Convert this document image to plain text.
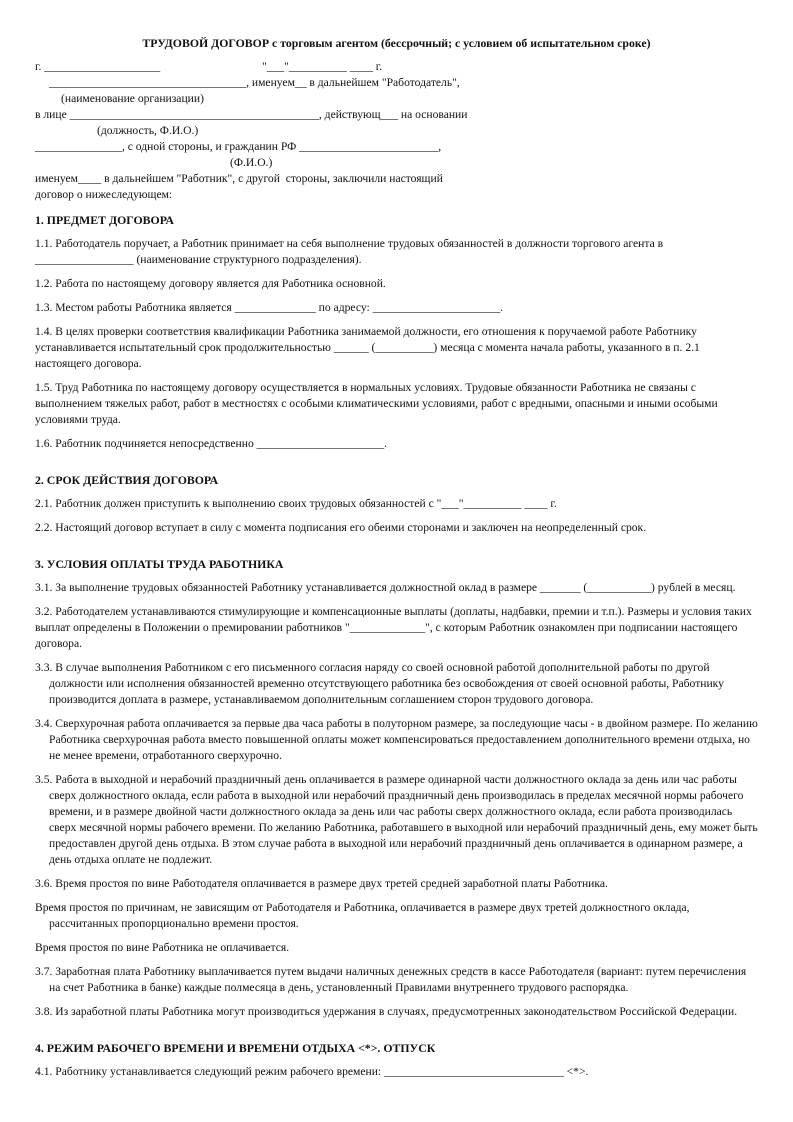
ТРУДОВОЙ ДОГОВОР с торговым агентом (бессрочный; с условием об испытательном сроке)

г. ____________________

	"___"__________ ____ г.

__________________________________, именуем__ в дальнейшем "Работодатель",

(наименование организации)

в лице ___________________________________________, действующ___ на основании

(должность, Ф.И.О.)

_______________, с одной стороны, и гражданин РФ ________________________,

(Ф.И.О.)

именуем____ в дальнейшем "Работник", с другой  стороны, заключили настоящий

договор о нижеследующем:

1. ПРЕДМЕТ ДОГОВОРА
1.1. Работодатель поручает, а Работник принимает на себя выполнение трудовых обязанностей в должности торгового агента в _________________ (наименование структурного подразделения).
1.2. Работа по настоящему договору является для Работника основной.
1.3. Местом работы Работника является ______________ по адресу: ______________________.
1.4. В целях проверки соответствия квалификации Работника занимаемой должности, его отношения к поручаемой работе Работнику устанавливается испытательный срок продолжительностью ______ (__________) месяца с момента начала работы, указанного в п. 2.1 настоящего договора.
1.5. Труд Работника по настоящему договору осуществляется в нормальных условиях. Трудовые обязанности Работника не связаны с выполнением тяжелых работ, работ в местностях с особыми климатическими условиями, работ с вредными, опасными и иными особыми условиями труда.
1.6. Работник подчиняется непосредственно ______________________.
2. СРОК ДЕЙСТВИЯ ДОГОВОРА
2.1. Работник должен приступить к выполнению своих трудовых обязанностей с "___"__________ ____ г.
2.2. Настоящий договор вступает в силу с момента подписания его обеими сторонами и заключен на неопределенный срок.
3. УСЛОВИЯ ОПЛАТЫ ТРУДА РАБОТНИКА
3.1. За выполнение трудовых обязанностей Работнику устанавливается должностной оклад в размере _______ (___________) рублей в месяц.
3.2. Работодателем устанавливаются стимулирующие и компенсационные выплаты (доплаты, надбавки, премии и т.п.). Размеры и условия таких выплат определены в Положении о премировании работников "_____________", с которым Работник ознакомлен при подписании настоящего договора.
3.3. В случае выполнения Работником с его письменного согласия наряду со своей основной работой дополнительной работы по другой должности или исполнения обязанностей временно отсутствующего работника без освобождения от своей основной работы, Работнику производится доплата в размере, устанавливаемом дополнительным соглашением сторон трудового договора.
3.4. Сверхурочная работа оплачивается за первые два часа работы в полуторном размере, за последующие часы - в двойном размере. По желанию Работника сверхурочная работа вместо повышенной оплаты может компенсироваться предоставлением дополнительного времени отдыха, но не менее времени, отработанного сверхурочно.
3.5. Работа в выходной и нерабочий праздничный день оплачивается в размере одинарной части должностного оклада за день или час работы сверх должностного оклада, если работа в выходной или нерабочий праздничный день производилась в пределах месячной нормы рабочего времени, и в размере двойной части должностного оклада за день или час работы сверх должностного оклада, если работа производилась сверх месячной нормы рабочего времени. По желанию Работника, работавшего в выходной или нерабочий праздничный день, ему может быть предоставлен другой день отдыха. В этом случае работа в выходной или нерабочий праздничный день оплачивается в одинарном размере, а день отдыха оплате не подлежит.
3.6. Время простоя по вине Работодателя оплачивается в размере двух третей средней заработной платы Работника.
Время простоя по причинам, не зависящим от Работодателя и Работника, оплачивается в размере двух третей должностного оклада, рассчитанных пропорционально времени простоя.
Время простоя по вине Работника не оплачивается.
3.7. Заработная плата Работнику выплачивается путем выдачи наличных денежных средств в кассе Работодателя (вариант: путем перечисления на счет Работника в банке) каждые полмесяца в день, установленный Правилами внутреннего трудового распорядка.
3.8. Из заработной платы Работника могут производиться удержания в случаях, предусмотренных законодательством Российской Федерации.
4. РЕЖИМ РАБОЧЕГО ВРЕМЕНИ И ВРЕМЕНИ ОТДЫХА <*>. ОТПУСК
4.1. Работнику устанавливается следующий режим рабочего времени: _______________________________ <*>.
